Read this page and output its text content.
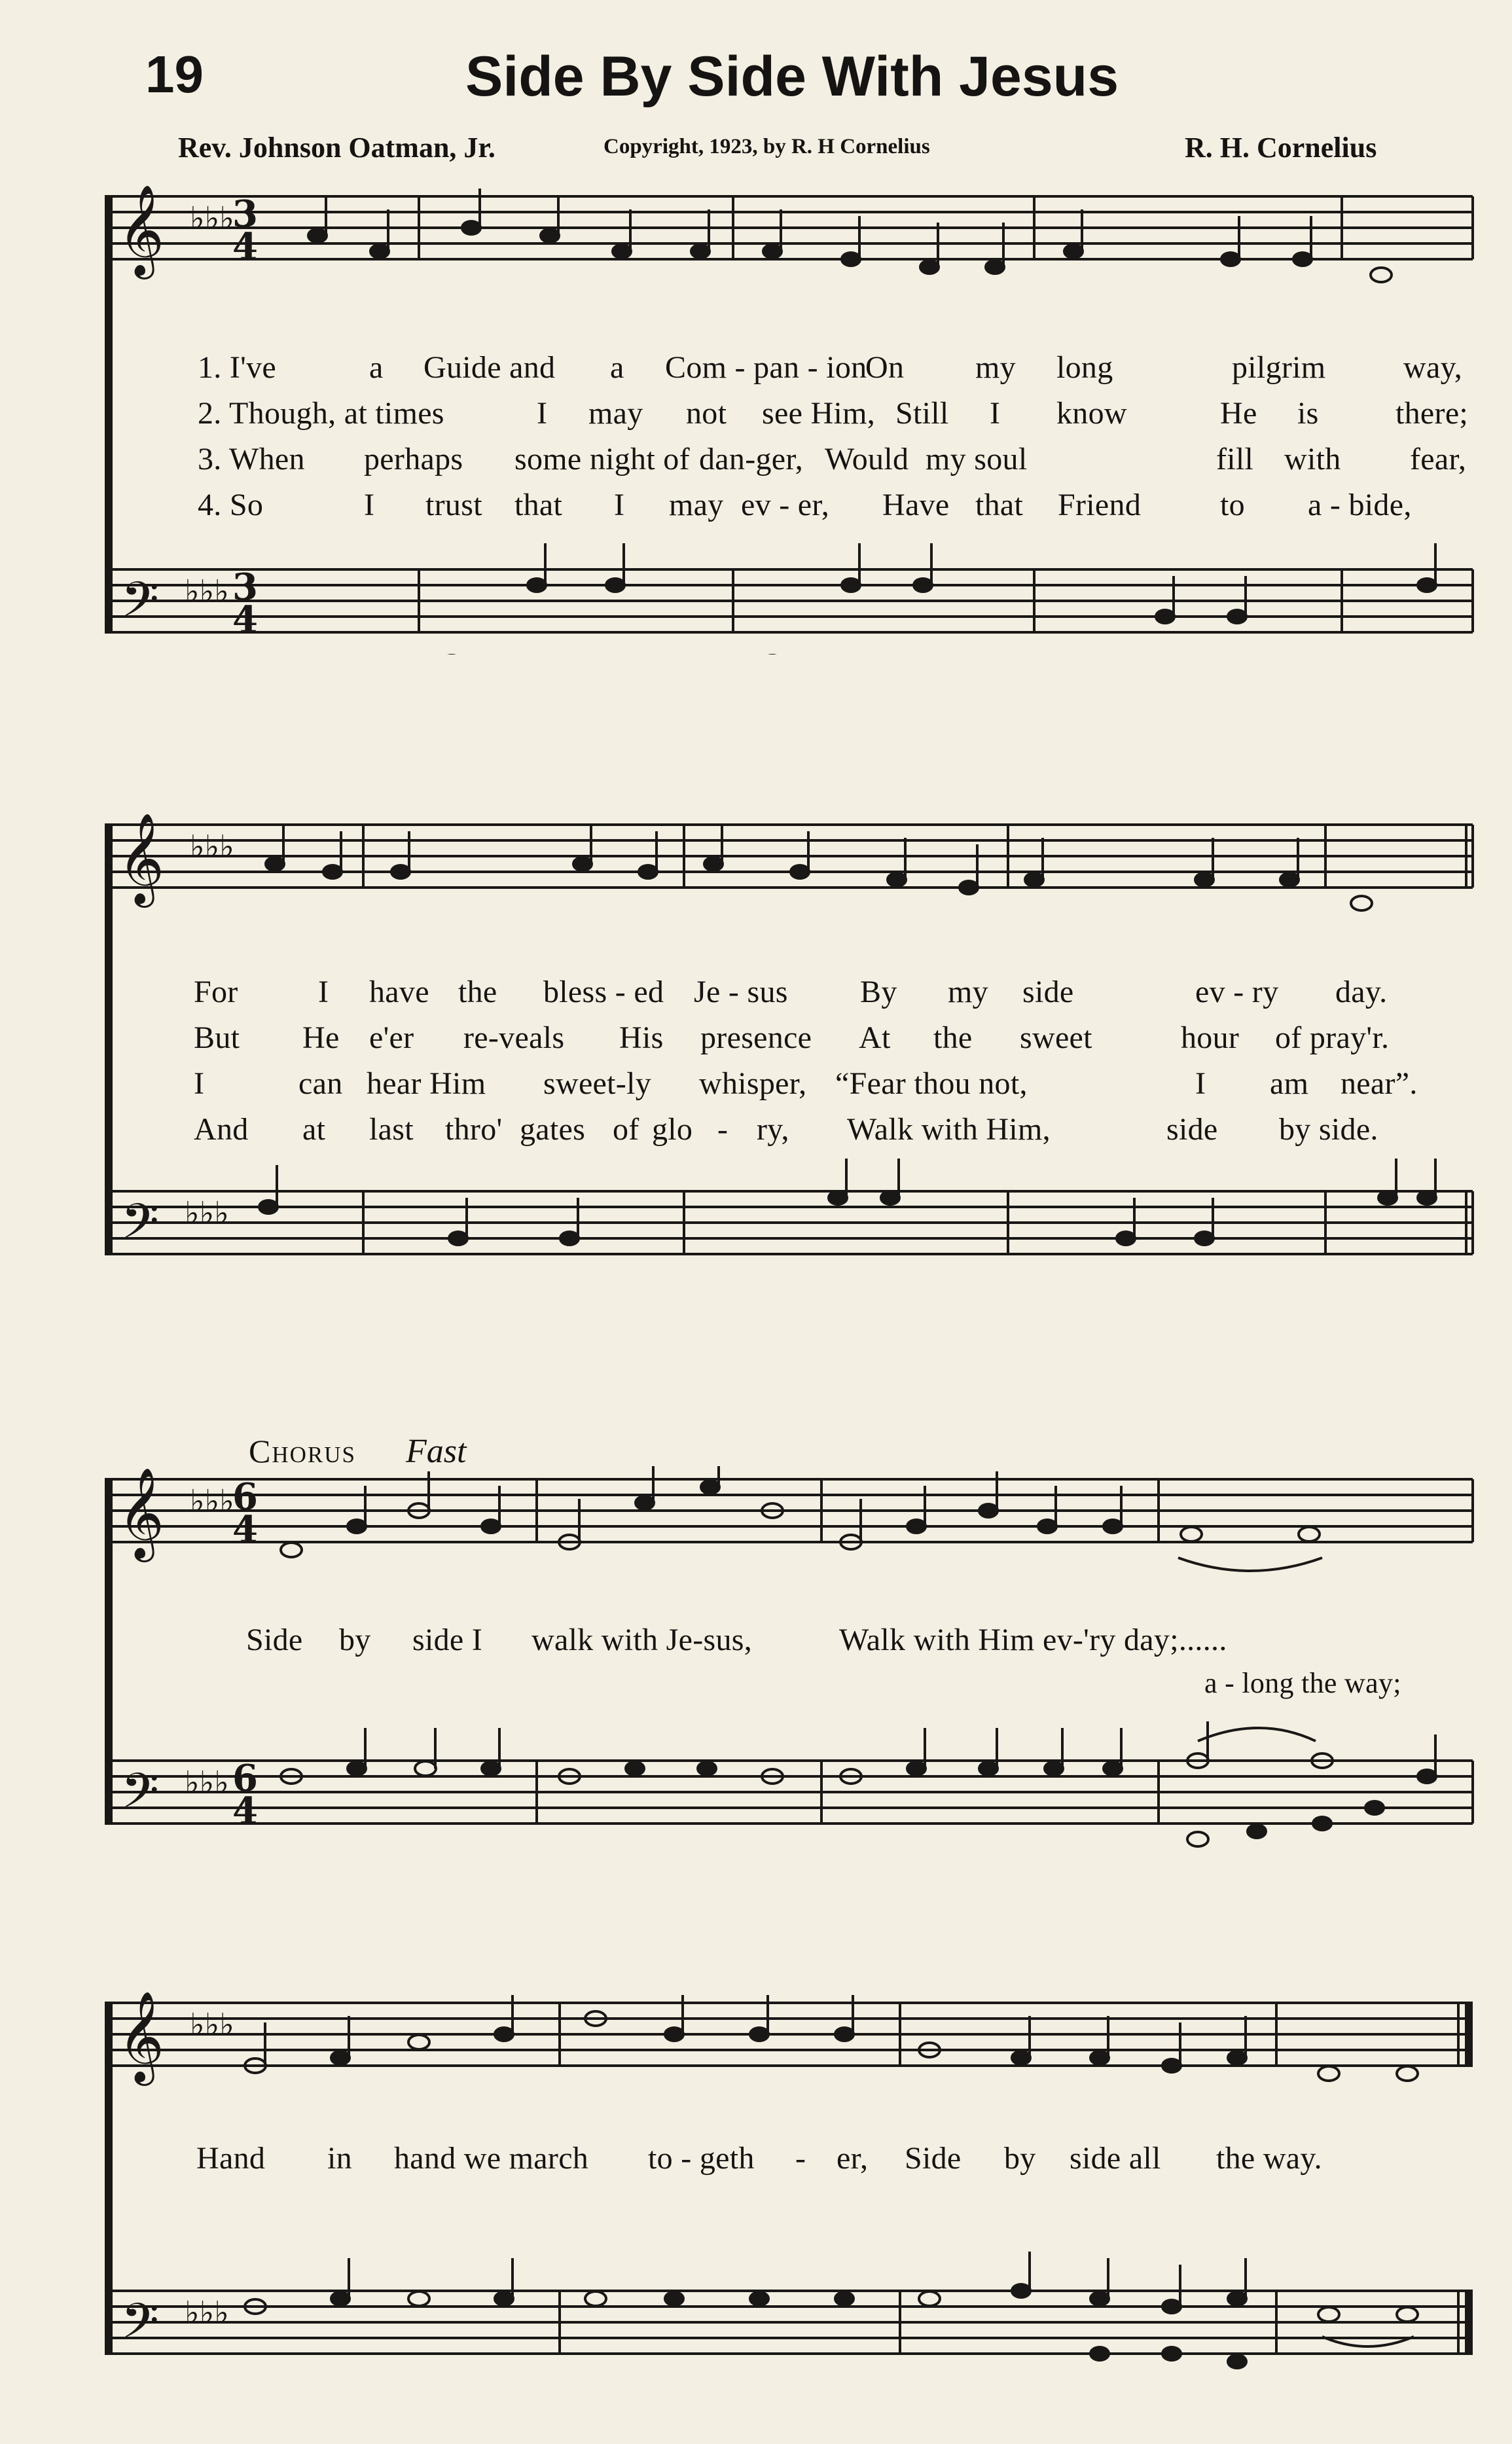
19	Side By Side With Jesus
Rev. Johnson Oatman, Jr.	Copyright, 1923, by R. H Cornelius	R. H. Cornelius
𝄞
𝄢
♭♭♭
♭♭♭
3
4
3
4
1. I've	a Guide and a Com - pan - ion
On my long	pilgrim way,
2. Though, at times	I may not see Him, Still I know	He is there;
3. When perhaps some night of dan-ger, Would my soul	fill with fear,
4. So	I trust that I may ev - er, Have that Friend	to a - bide,
𝄞
𝄢
♭♭♭
♭♭♭
For	I have the bless - ed Je - sus By my side	ev - ry day.
But He e'er re-veals His presence At the sweet	hour of pray'r.
I	can hear Him sweet-ly whisper, “Fear thou not,	I am near”.
And at last thro' gates of glo - ry, Walk with Him,	side by side.
Chorus Fast
𝄞
𝄢
♭♭♭
♭♭♭
6
4
6
4
Side by side I walk with Je-sus,	Walk with Him ev-'ry day;......
a - long the way;
𝄞
𝄢
♭♭♭
♭♭♭
Hand in hand we march to - geth - er, Side by side all the way.
